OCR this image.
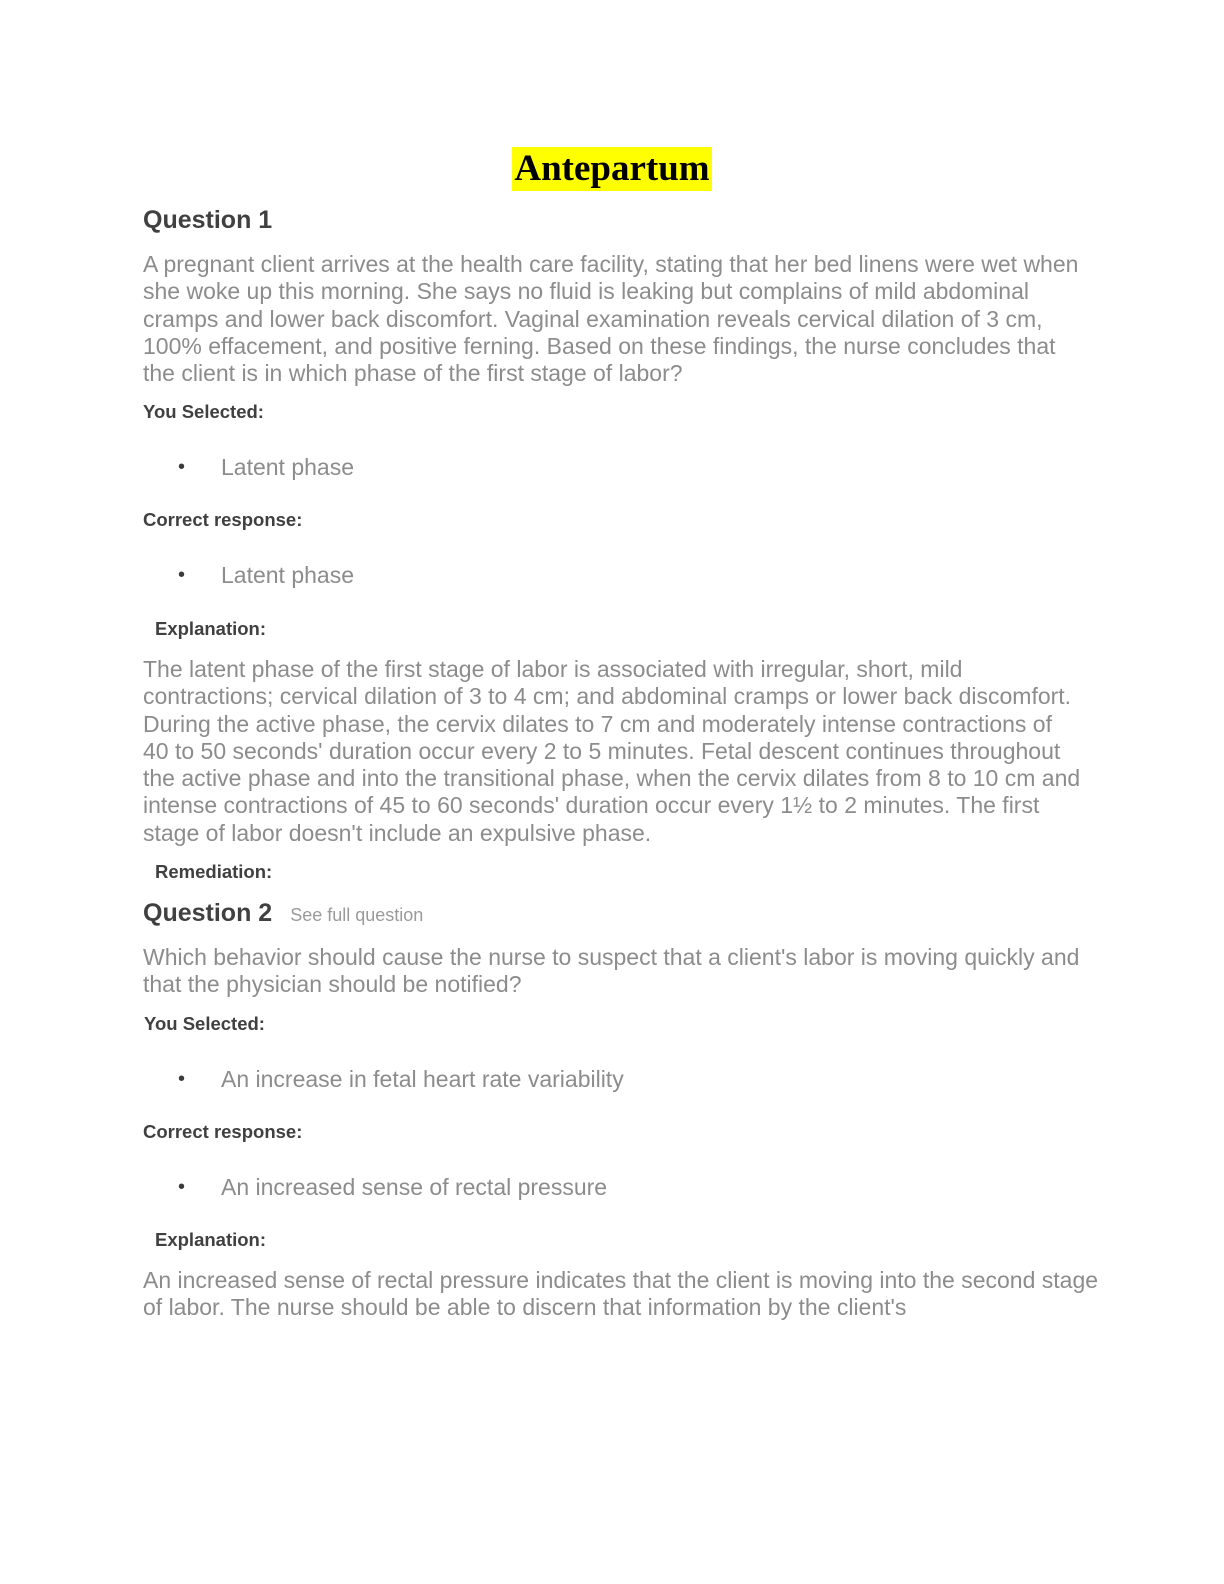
Antepartum
Question 1
A pregnant client arrives at the health care facility, stating that her bed linens were wet when she woke up this morning. She says no fluid is leaking but complains of mild abdominal cramps and lower back discomfort. Vaginal examination reveals cervical dilation of 3 cm, 100% effacement, and positive ferning. Based on these findings, the nurse concludes that the client is in which phase of the first stage of labor?
You Selected:
• Latent phase
Correct response:
• Latent phase
Explanation:
The latent phase of the first stage of labor is associated with irregular, short, mild contractions; cervical dilation of 3 to 4 cm; and abdominal cramps or lower back discomfort. During the active phase, the cervix dilates to 7 cm and moderately intense contractions of 40 to 50 seconds' duration occur every 2 to 5 minutes. Fetal descent continues throughout the active phase and into the transitional phase, when the cervix dilates from 8 to 10 cm and intense contractions of 45 to 60 seconds' duration occur every 1½ to 2 minutes. The first stage of labor doesn't include an expulsive phase.
Remediation:
Question 2 See full question
Which behavior should cause the nurse to suspect that a client's labor is moving quickly and that the physician should be notified?
You Selected:
• An increase in fetal heart rate variability
Correct response:
• An increased sense of rectal pressure
Explanation:
An increased sense of rectal pressure indicates that the client is moving into the second stage of labor. The nurse should be able to discern that information by the client's
